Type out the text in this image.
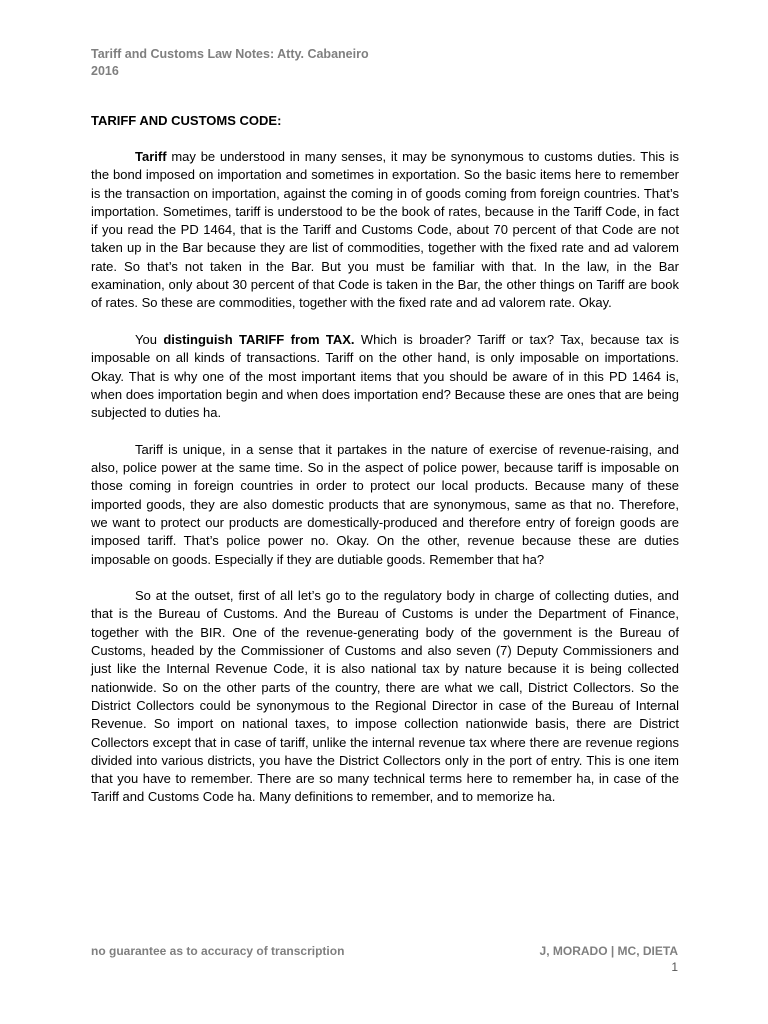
Tariff and Customs Law Notes: Atty. Cabaneiro
2016
TARIFF AND CUSTOMS CODE:

Tariff may be understood in many senses, it may be synonymous to customs duties. This is the bond imposed on importation and sometimes in exportation. So the basic items here to remember is the transaction on importation, against the coming in of goods coming from foreign countries. That’s importation. Sometimes, tariff is understood to be the book of rates, because in the Tariff Code, in fact if you read the PD 1464, that is the Tariff and Customs Code, about 70 percent of that Code are not taken up in the Bar because they are list of commodities, together with the fixed rate and ad valorem rate. So that’s not taken in the Bar. But you must be familiar with that. In the law, in the Bar examination, only about 30 percent of that Code is taken in the Bar, the other things on Tariff are book of rates. So these are commodities, together with the fixed rate and ad valorem rate. Okay.

You distinguish TARIFF from TAX. Which is broader? Tariff or tax? Tax, because tax is imposable on all kinds of transactions. Tariff on the other hand, is only imposable on importations. Okay. That is why one of the most important items that you should be aware of in this PD 1464 is, when does importation begin and when does importation end? Because these are ones that are being subjected to duties ha.

Tariff is unique, in a sense that it partakes in the nature of exercise of revenue-raising, and also, police power at the same time. So in the aspect of police power, because tariff is imposable on those coming in foreign countries in order to protect our local products. Because many of these imported goods, they are also domestic products that are synonymous, same as that no. Therefore, we want to protect our products are domestically-produced and therefore entry of foreign goods are imposed tariff. That’s police power no. Okay. On the other, revenue because these are duties imposable on goods. Especially if they are dutiable goods. Remember that ha?

So at the outset, first of all let’s go to the regulatory body in charge of collecting duties, and that is the Bureau of Customs. And the Bureau of Customs is under the Department of Finance, together with the BIR. One of the revenue-generating body of the government is the Bureau of Customs, headed by the Commissioner of Customs and also seven (7) Deputy Commissioners and just like the Internal Revenue Code, it is also national tax by nature because it is being collected nationwide. So on the other parts of the country, there are what we call, District Collectors. So the District Collectors could be synonymous to the Regional Director in case of the Bureau of Internal Revenue. So import on national taxes, to impose collection nationwide basis, there are District Collectors except that in case of tariff, unlike the internal revenue tax where there are revenue regions divided into various districts, you have the District Collectors only in the port of entry. This is one item that you have to remember. There are so many technical terms here to remember ha, in case of the Tariff and Customs Code ha. Many definitions to remember, and to memorize ha.

no guarantee as to accuracy of transcription	J, MORADO | MC, DIETA
1
